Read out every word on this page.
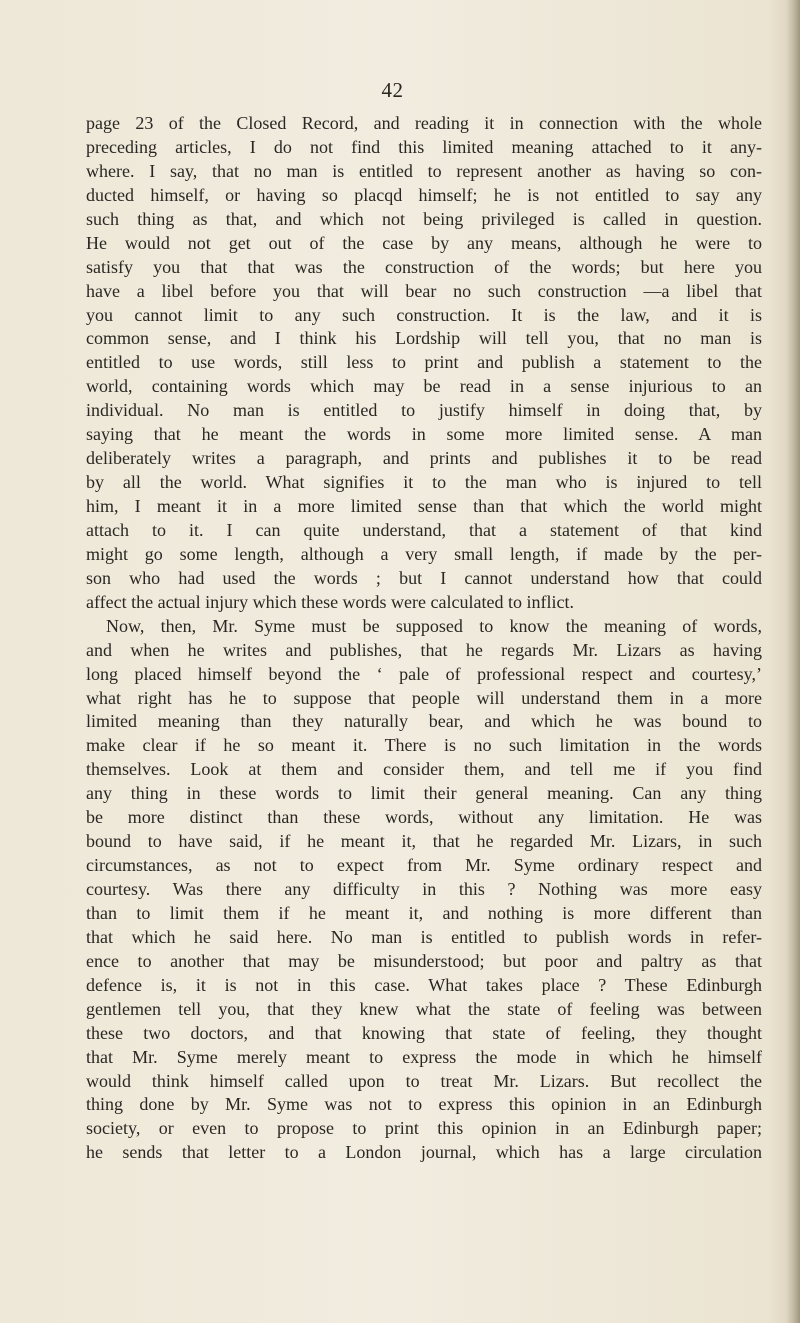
42
page 23 of the Closed Record, and reading it in connection with the whole
preceding articles, I do not find this limited meaning attached to it any-
where. I say, that no man is entitled to represent another as having so con-
ducted himself, or having so placqd himself; he is not entitled to say any
such thing as that, and which not being privileged is called in question.
He would not get out of the case by any means, although he were to
satisfy you that that was the construction of the words; but here you
have a libel before you that will bear no such construction —a libel that
you cannot limit to any such construction. It is the law, and it is
common sense, and I think his Lordship will tell you, that no man is
entitled to use words, still less to print and publish a statement to the
world, containing words which may be read in a sense injurious to an
individual. No man is entitled to justify himself in doing that, by
saying that he meant the words in some more limited sense. A man
deliberately writes a paragraph, and prints and publishes it to be read
by all the world. What signifies it to the man who is injured to tell
him, I meant it in a more limited sense than that which the world might
attach to it. I can quite understand, that a statement of that kind
might go some length, although a very small length, if made by the per-
son who had used the words ; but I cannot understand how that could
affect the actual injury which these words were calculated to inflict.
Now, then, Mr. Syme must be supposed to know the meaning of words,
and when he writes and publishes, that he regards Mr. Lizars as having
long placed himself beyond the ‘ pale of professional respect and courtesy,’
what right has he to suppose that people will understand them in a more
limited meaning than they naturally bear, and which he was bound to
make clear if he so meant it. There is no such limitation in the words
themselves. Look at them and consider them, and tell me if you find
any thing in these words to limit their general meaning. Can any thing
be more distinct than these words, without any limitation. He was
bound to have said, if he meant it, that he regarded Mr. Lizars, in such
circumstances, as not to expect from Mr. Syme ordinary respect and
courtesy. Was there any difficulty in this ? Nothing was more easy
than to limit them if he meant it, and nothing is more different than
that which he said here. No man is entitled to publish words in refer-
ence to another that may be misunderstood; but poor and paltry as that
defence is, it is not in this case. What takes place ? These Edinburgh
gentlemen tell you, that they knew what the state of feeling was between
these two doctors, and that knowing that state of feeling, they thought
that Mr. Syme merely meant to express the mode in which he himself
would think himself called upon to treat Mr. Lizars. But recollect the
thing done by Mr. Syme was not to express this opinion in an Edinburgh
society, or even to propose to print this opinion in an Edinburgh paper;
he sends that letter to a London journal, which has a large circulation
